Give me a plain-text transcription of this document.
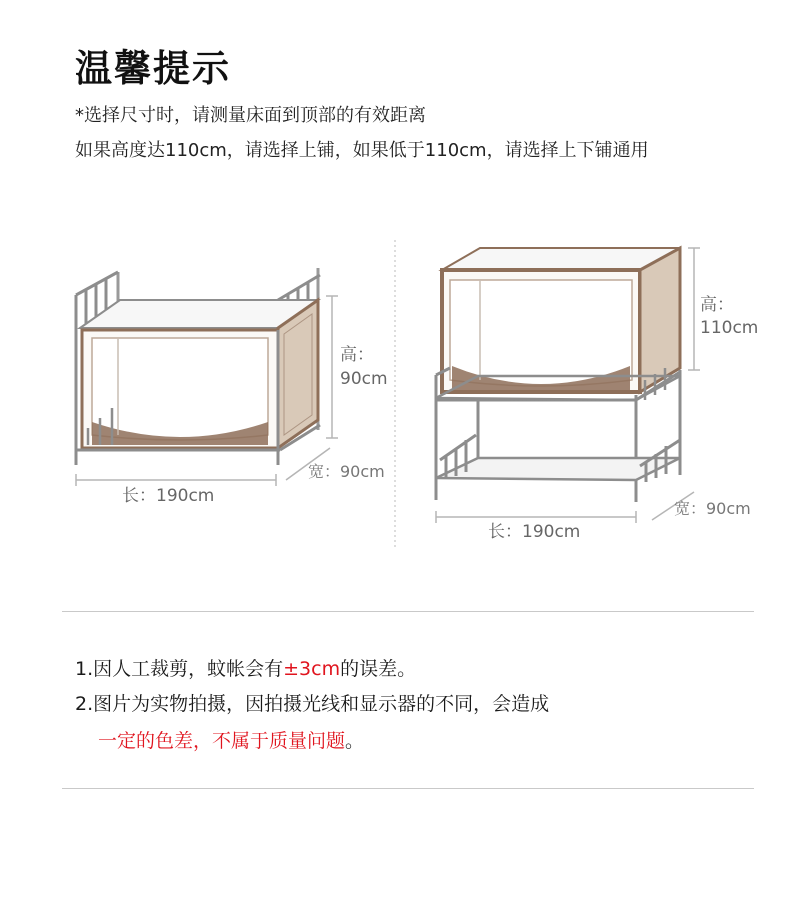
温馨提示
*选择尺寸时，请测量床面到顶部的有效距离
如果高度达110cm，请选择上铺，如果低于110cm，请选择上下铺通用
高：
90cm
宽：90cm
长：190cm
高：
110cm
宽：90cm
长：190cm
1.因人工裁剪，蚊帐会有±3cm的误差。
2.图片为实物拍摄，因拍摄光线和显示器的不同，会造成
一定的色差，不属于质量问题。
